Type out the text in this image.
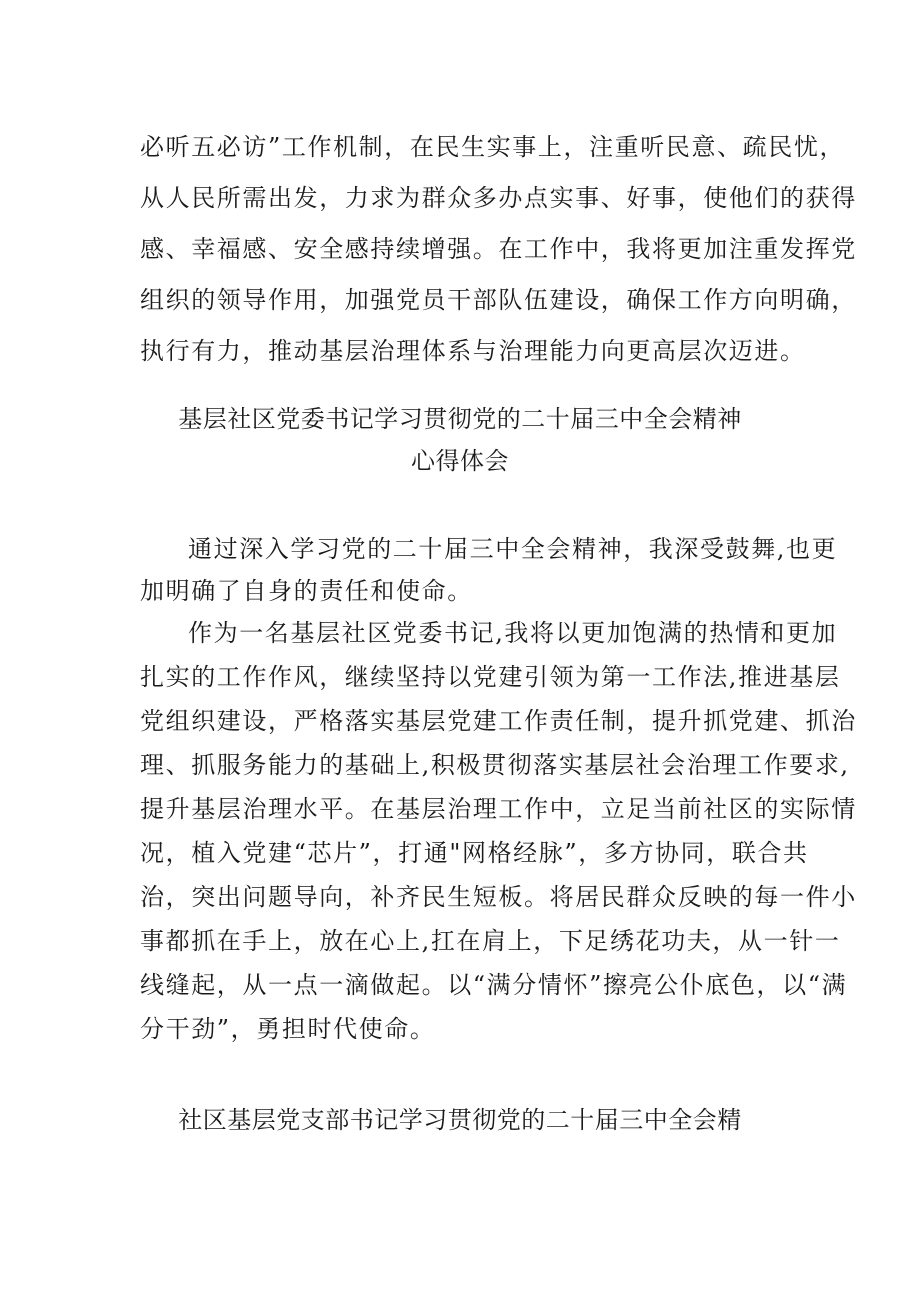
必听五必访”工作机制，在民生实事上，注重听民意、疏民忧，
从人民所需出发，力求为群众多办点实事、好事，使他们的获得
感、幸福感、安全感持续增强。在工作中，我将更加注重发挥党
组织的领导作用，加强党员干部队伍建设，确保工作方向明确，
执行有力，推动基层治理体系与治理能力向更高层次迈进。
基层社区党委书记学习贯彻党的二十届三中全会精神
心得体会
通过深入学习党的二十届三中全会精神，我深受鼓舞,也更
加明确了自身的责任和使命。
作为一名基层社区党委书记,我将以更加饱满的热情和更加
扎实的工作作风，继续坚持以党建引领为第一工作法,推进基层
党组织建设，严格落实基层党建工作责任制，提升抓党建、抓治
理、抓服务能力的基础上,积极贯彻落实基层社会治理工作要求,
提升基层治理水平。在基层治理工作中，立足当前社区的实际情
况，植入党建“芯片”，打通"网格经脉”，多方协同，联合共
治，突出问题导向，补齐民生短板。将居民群众反映的每一件小
事都抓在手上，放在心上,扛在肩上，下足绣花功夫，从一针一
线缝起，从一点一滴做起。以“满分情怀”擦亮公仆底色，以“满
分干劲”，勇担时代使命。
社区基层党支部书记学习贯彻党的二十届三中全会精
